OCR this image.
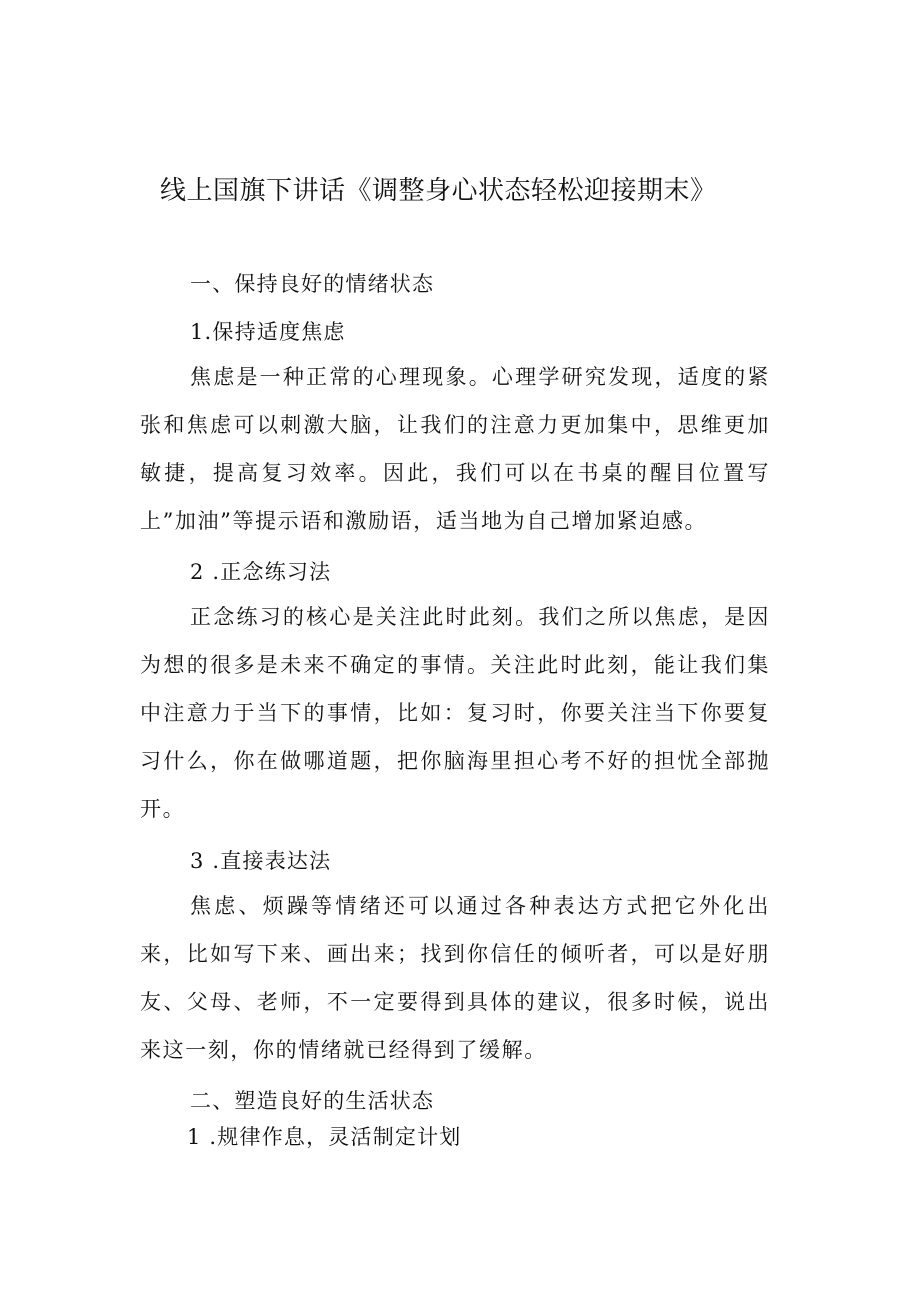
线上国旗下讲话《调整身心状态轻松迎接期末》
一、保持良好的情绪状态
1.保持适度焦虑

焦虑是一种正常的心理现象。心理学研究发现，适度的紧张和焦虑可以刺激大脑，让我们的注意力更加集中，思维更加敏捷，提高复习效率。因此，我们可以在书桌的醒目位置写上”加油”等提示语和激励语，适当地为自己增加紧迫感。

2 .正念练习法

正念练习的核心是关注此时此刻。我们之所以焦虑，是因为想的很多是未来不确定的事情。关注此时此刻，能让我们集中注意力于当下的事情，比如：复习时，你要关注当下你要复习什么，你在做哪道题，把你脑海里担心考不好的担忧全部抛开。

3 .直接表达法

焦虑、烦躁等情绪还可以通过各种表达方式把它外化出来，比如写下来、画出来；找到你信任的倾听者，可以是好朋友、父母、老师，不一定要得到具体的建议，很多时候，说出来这一刻，你的情绪就已经得到了缓解。

二、塑造良好的生活状态
1 .规律作息，灵活制定计划
